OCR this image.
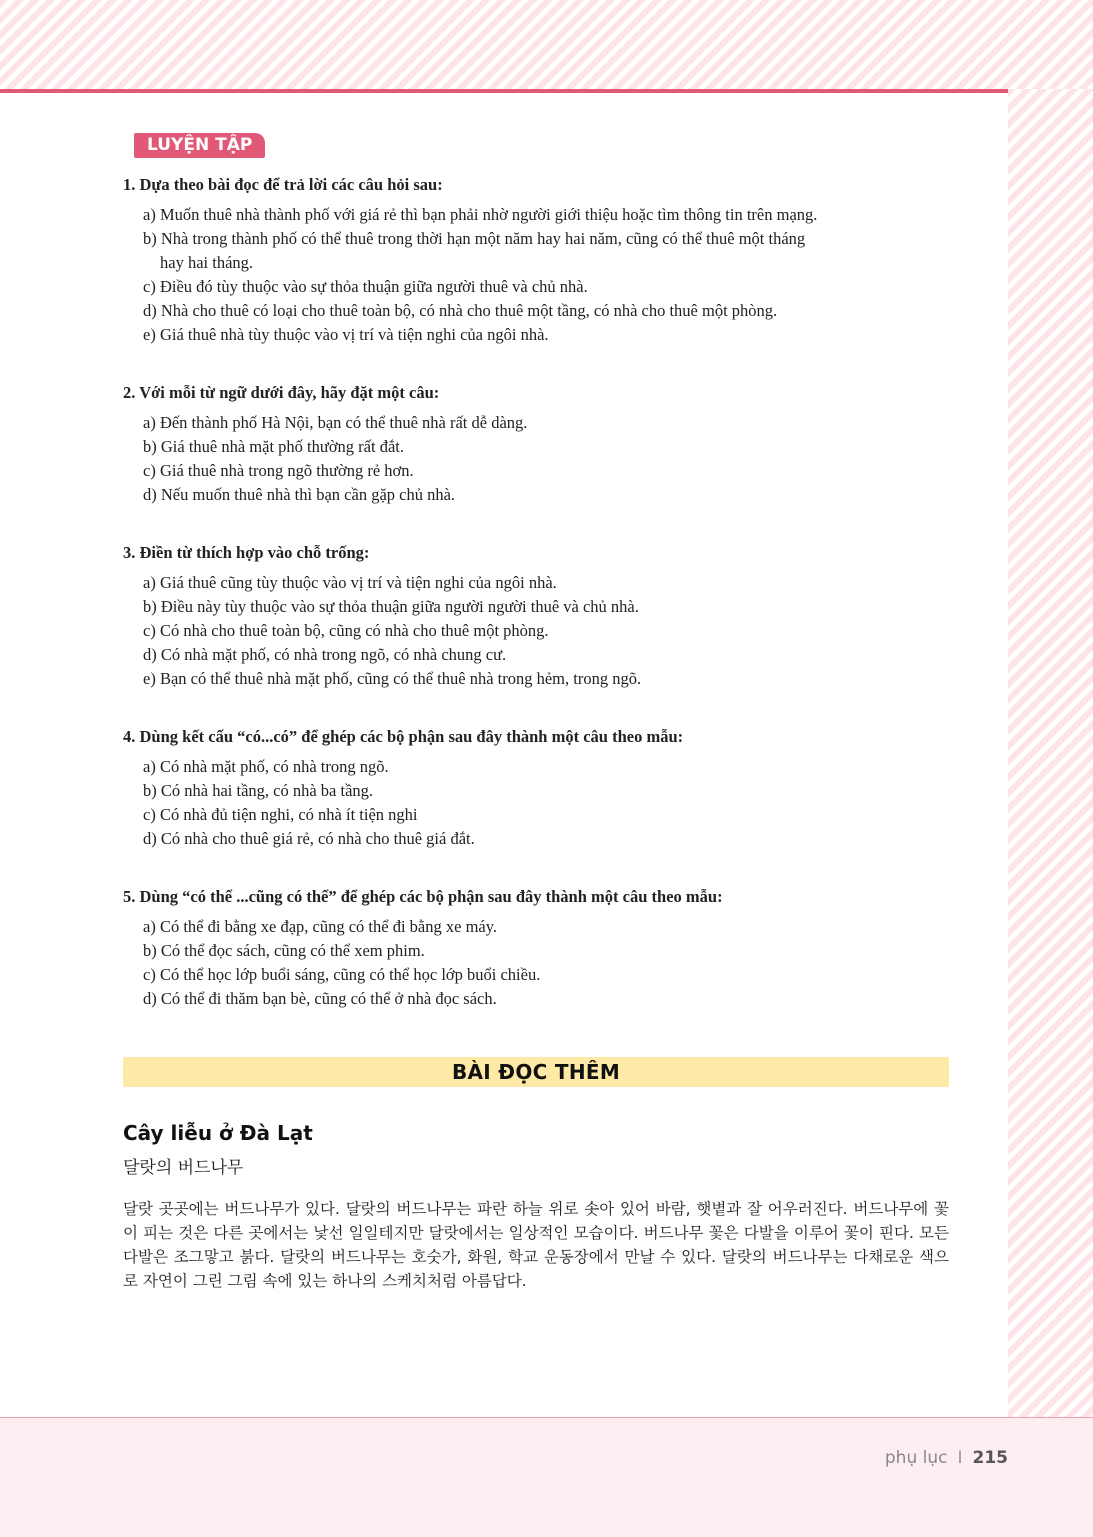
LUYỆN TẬP

1. Dựa theo bài đọc để trả lời các câu hỏi sau:

a) Muốn thuê nhà thành phố với giá rẻ thì bạn phải nhờ người giới thiệu hoặc tìm thông tin trên mạng.
b) Nhà trong thành phố có thể thuê trong thời hạn một năm hay hai năm, cũng có thể thuê một tháng
hay hai tháng.
c) Điều đó tùy thuộc vào sự thỏa thuận giữa người thuê và chủ nhà.
d) Nhà cho thuê có loại cho thuê toàn bộ, có nhà cho thuê một tầng, có nhà cho thuê một phòng.
e) Giá thuê nhà tùy thuộc vào vị trí và tiện nghi của ngôi nhà.

2. Với mỗi từ ngữ dưới đây, hãy đặt một câu:

a) Đến thành phố Hà Nội, bạn có thể thuê nhà rất dễ dàng.
b) Giá thuê nhà mặt phố thường rất đắt.
c) Giá thuê nhà trong ngõ thường rẻ hơn.
d) Nếu muốn thuê nhà thì bạn cần gặp chủ nhà.

3. Điền từ thích hợp vào chỗ trống:

a) Giá thuê cũng tùy thuộc vào vị trí và tiện nghi của ngôi nhà.
b) Điều này tùy thuộc vào sự thỏa thuận giữa người người thuê và chủ nhà.
c) Có nhà cho thuê toàn bộ, cũng có nhà cho thuê một phòng.
d) Có nhà mặt phố, có nhà trong ngõ, có nhà chung cư.
e) Bạn có thể thuê nhà mặt phố, cũng có thể thuê nhà trong hẻm, trong ngõ.

4. Dùng kết cấu “có...có” để ghép các bộ phận sau đây thành một câu theo mẫu:

a) Có nhà mặt phố, có nhà trong ngõ.
b) Có nhà hai tầng, có nhà ba tầng.
c) Có nhà đủ tiện nghi, có nhà ít tiện nghi
d) Có nhà cho thuê giá rẻ, có nhà cho thuê giá đắt.

5. Dùng “có thể ...cũng có thể” để ghép các bộ phận sau đây thành một câu theo mẫu:

a) Có thể đi bằng xe đạp, cũng có thể đi bằng xe máy.
b) Có thể đọc sách, cũng có thể xem phim.
c) Có thể học lớp buổi sáng, cũng có thể học lớp buổi chiều.
d) Có thể đi thăm bạn bè, cũng có thể ở nhà đọc sách.
BÀI ĐỌC THÊM
Cây liễu ở Đà Lạt

달랏의 버드나무

달랏 곳곳에는 버드나무가 있다. 달랏의 버드나무는 파란 하늘 위로 솟아 있어 바람, 햇볕과 잘 어우러진다. 버드나무에 꽃이 피는 것은 다른 곳에서는 낯선 일일테지만 달랏에서는 일상적인 모습이다. 버드나무 꽃은 다발을 이루어 꽃이 핀다. 모든 다발은 조그맣고 붉다. 달랏의 버드나무는 호숫가, 화원, 학교 운동장에서 만날 수 있다. 달랏의 버드나무는 다채로운 색으로 자연이 그린 그림 속에 있는 하나의 스케치처럼 아름답다.

phụ lục I 215
